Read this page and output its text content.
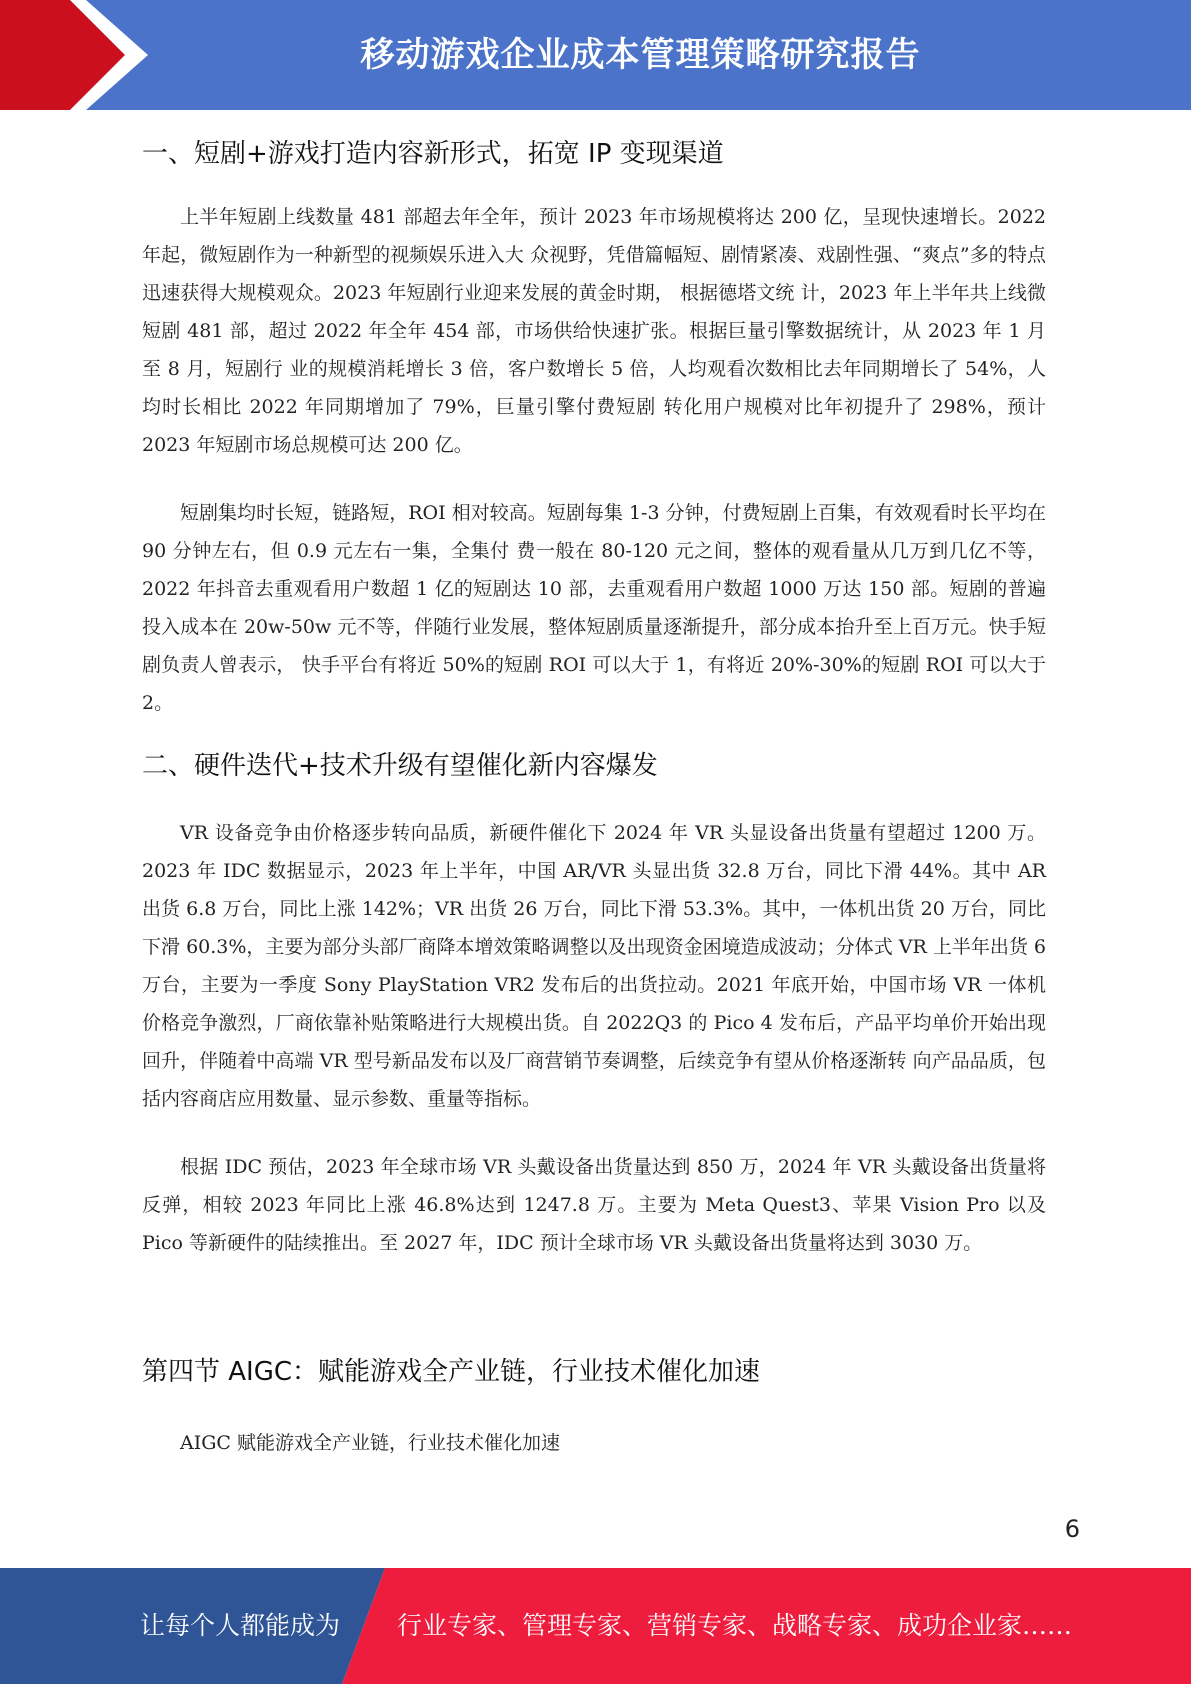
移动游戏企业成本管理策略研究报告
一、短剧+游戏打造内容新形式，拓宽 IP 变现渠道

上半年短剧上线数量 481 部超去年全年，预计 2023 年市场规模将达 200 亿，呈现快速增长。2022 年起，微短剧作为一种新型的视频娱乐进入大 众视野，凭借篇幅短、剧情紧凑、戏剧性强、“爽点”多的特点迅速获得大规模观众。2023 年短剧行业迎来发展的黄金时期， 根据德塔文统 计，2023 年上半年共上线微短剧 481 部，超过 2022 年全年 454 部，市场供给快速扩张。根据巨量引擎数据统计，从 2023 年 1 月至 8 月，短剧行 业的规模消耗增长 3 倍，客户数增长 5 倍，人均观看次数相比去年同期增长了 54%，人均时长相比 2022 年同期增加了 79%，巨量引擎付费短剧 转化用户规模对比年初提升了 298%，预计 2023 年短剧市场总规模可达 200 亿。

短剧集均时长短，链路短，ROI 相对较高。短剧每集 1-3 分钟，付费短剧上百集，有效观看时长平均在 90 分钟左右，但 0.9 元左右一集，全集付 费一般在 80-120 元之间，整体的观看量从几万到几亿不等，2022 年抖音去重观看用户数超 1 亿的短剧达 10 部，去重观看用户数超 1000 万达 150 部。短剧的普遍投入成本在 20w-50w 元不等，伴随行业发展，整体短剧质量逐渐提升，部分成本抬升至上百万元。快手短剧负责人曾表示， 快手平台有将近 50%的短剧 ROI 可以大于 1，有将近 20%-30%的短剧 ROI 可以大于 2。

二、硬件迭代+技术升级有望催化新内容爆发

VR 设备竞争由价格逐步转向品质，新硬件催化下 2024 年 VR 头显设备出货量有望超过 1200 万。2023 年 IDC 数据显示，2023 年上半年，中国 AR/VR 头显出货 32.8 万台，同比下滑 44%。其中 AR 出货 6.8 万台，同比上涨 142%；VR 出货 26 万台，同比下滑 53.3%。其中，一体机出货 20 万台，同比下滑 60.3%，主要为部分头部厂商降本增效策略调整以及出现资金困境造成波动；分体式 VR 上半年出货 6 万台，主要为一季度 Sony PlayStation VR2 发布后的出货拉动。2021 年底开始，中国市场 VR 一体机价格竞争激烈，厂商依靠补贴策略进行大规模出货。自 2022Q3 的 Pico 4 发布后，产品平均单价开始出现回升，伴随着中高端 VR 型号新品发布以及厂商营销节奏调整，后续竞争有望从价格逐渐转 向产品品质，包括内容商店应用数量、显示参数、重量等指标。

根据 IDC 预估，2023 年全球市场 VR 头戴设备出货量达到 850 万，2024 年 VR 头戴设备出货量将反弹，相较 2023 年同比上涨 46.8%达到 1247.8 万。主要为 Meta Quest3、苹果 Vision Pro 以及 Pico 等新硬件的陆续推出。至 2027 年，IDC 预计全球市场 VR 头戴设备出货量将达到 3030 万。

第四节 AIGC：赋能游戏全产业链，行业技术催化加速

AIGC 赋能游戏全产业链，行业技术催化加速

6
让每个人都能成为 行业专家、管理专家、营销专家、战略专家、成功企业家……
